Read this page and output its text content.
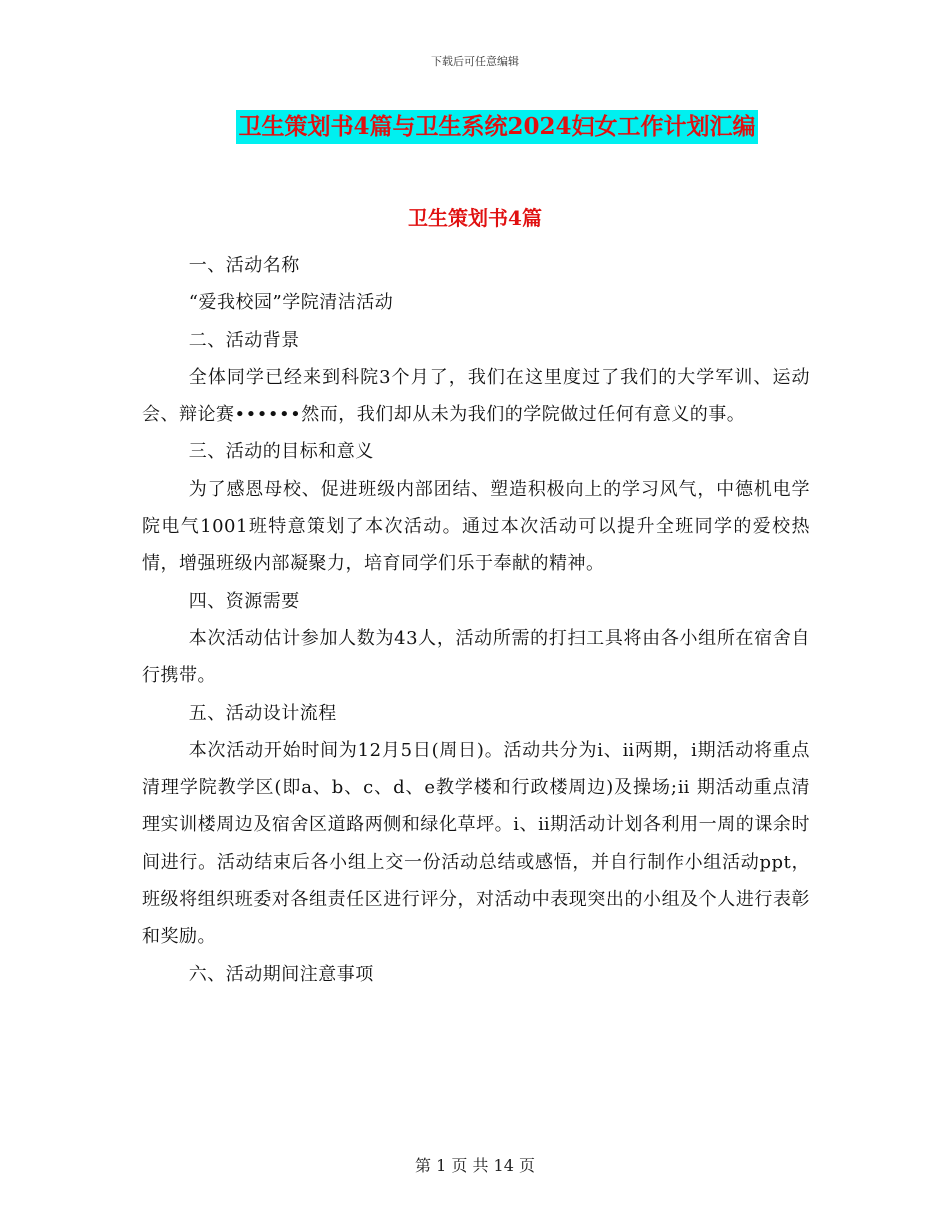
下载后可任意编辑
卫生策划书4篇与卫生系统2024妇女工作计划汇编
卫生策划书4篇

一、活动名称

“爱我校园”学院清洁活动

二、活动背景

全体同学已经来到科院3个月了，我们在这里度过了我们的大学军训、运动会、辩论赛••••••然而，我们却从未为我们的学院做过任何有意义的事。

三、活动的目标和意义

为了感恩母校、促进班级内部团结、塑造积极向上的学习风气，中德机电学院电气1001班特意策划了本次活动。通过本次活动可以提升全班同学的爱校热情，增强班级内部凝聚力，培育同学们乐于奉献的精神。

四、资源需要

本次活动估计参加人数为43人，活动所需的打扫工具将由各小组所在宿舍自行携带。

五、活动设计流程

本次活动开始时间为12月5日(周日)。活动共分为ⅰ、ⅱ两期，ⅰ期活动将重点清理学院教学区(即a、b、c、d、e教学楼和行政楼周边)及操场;ⅱ 期活动重点清理实训楼周边及宿舍区道路两侧和绿化草坪。ⅰ、ⅱ期活动计划各利用一周的课余时间进行。活动结束后各小组上交一份活动总结或感悟，并自行制作小组活动ppt，班级将组织班委对各组责任区进行评分，对活动中表现突出的小组及个人进行表彰和奖励。

六、活动期间注意事项

第 1 页 共 14 页
